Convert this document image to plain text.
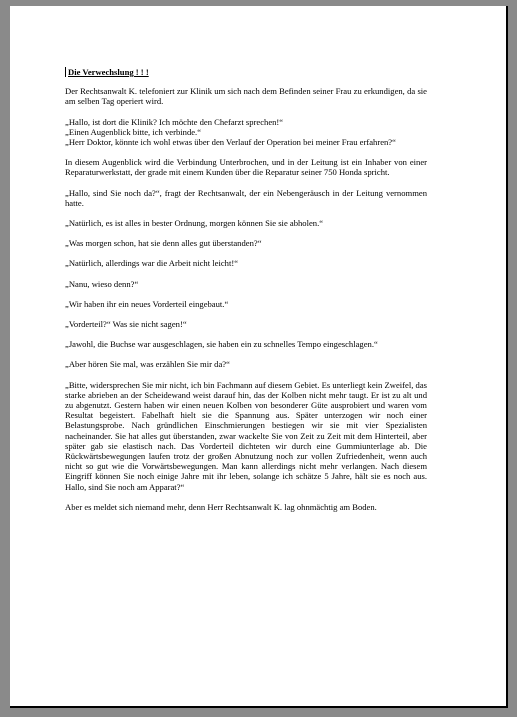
Die Verwechslung ! ! !
Der Rechtsanwalt K. telefoniert zur Klinik um sich nach dem Befinden seiner Frau zu erkundigen, da sie am selben Tag operiert wird.
„Hallo, ist dort die Klinik? Ich möchte den Chefarzt sprechen!“
„Einen Augenblick bitte, ich verbinde.“
„Herr Doktor, könnte ich wohl etwas über den Verlauf der Operation bei meiner Frau erfahren?“
In diesem Augenblick wird die Verbindung Unterbrochen, und in der Leitung ist ein Inhaber von einer Reparaturwerkstatt, der grade mit einem Kunden über die Reparatur seiner 750 Honda spricht.
„Hallo, sind Sie noch da?“, fragt der Rechtsanwalt, der ein Nebengeräusch in der Leitung vernommen hatte.
„Natürlich, es ist alles in bester Ordnung, morgen können Sie sie abholen.“
„Was morgen schon, hat sie denn alles gut überstanden?“
„Natürlich, allerdings war die Arbeit nicht leicht!“
„Nanu, wieso denn?“
„Wir haben ihr ein neues Vorderteil eingebaut.“
„Vorderteil?“ Was sie nicht sagen!“
„Jawohl, die Buchse war ausgeschlagen, sie haben ein zu schnelles Tempo eingeschlagen.“
„Aber hören Sie mal, was erzählen Sie mir da?“
„Bitte, widersprechen Sie mir nicht, ich bin Fachmann auf diesem Gebiet. Es unterliegt kein Zweifel, das starke abrieben an der Scheidewand weist darauf hin, das der Kolben nicht mehr taugt. Er ist zu alt und zu abgenutzt. Gestern haben wir einen neuen Kolben von besonderer Güte ausprobiert und waren vom Resultat begeistert. Fabelhaft hielt sie die Spannung aus. Später unterzogen wir noch einer Belastungsprobe. Nach gründlichen Einschmierungen bestiegen wir sie mit vier Spezialisten nacheinander. Sie hat alles gut überstanden, zwar wackelte Sie von Zeit zu Zeit mit dem Hinterteil, aber später gab sie elastisch nach. Das Vorderteil dichteten wir durch eine Gummiunterlage ab. Die Rückwärtsbewegungen laufen trotz der großen Abnutzung noch zur vollen Zufriedenheit, wenn auch nicht so gut wie die Vorwärtsbewegungen. Man kann allerdings nicht mehr verlangen. Nach diesem Eingriff können Sie noch einige Jahre mit ihr leben, solange ich schätze 5 Jahre, hält sie es noch aus. Hallo, sind Sie noch am Apparat?“
Aber es meldet sich niemand mehr, denn Herr Rechtsanwalt K. lag ohnmächtig am Boden.
